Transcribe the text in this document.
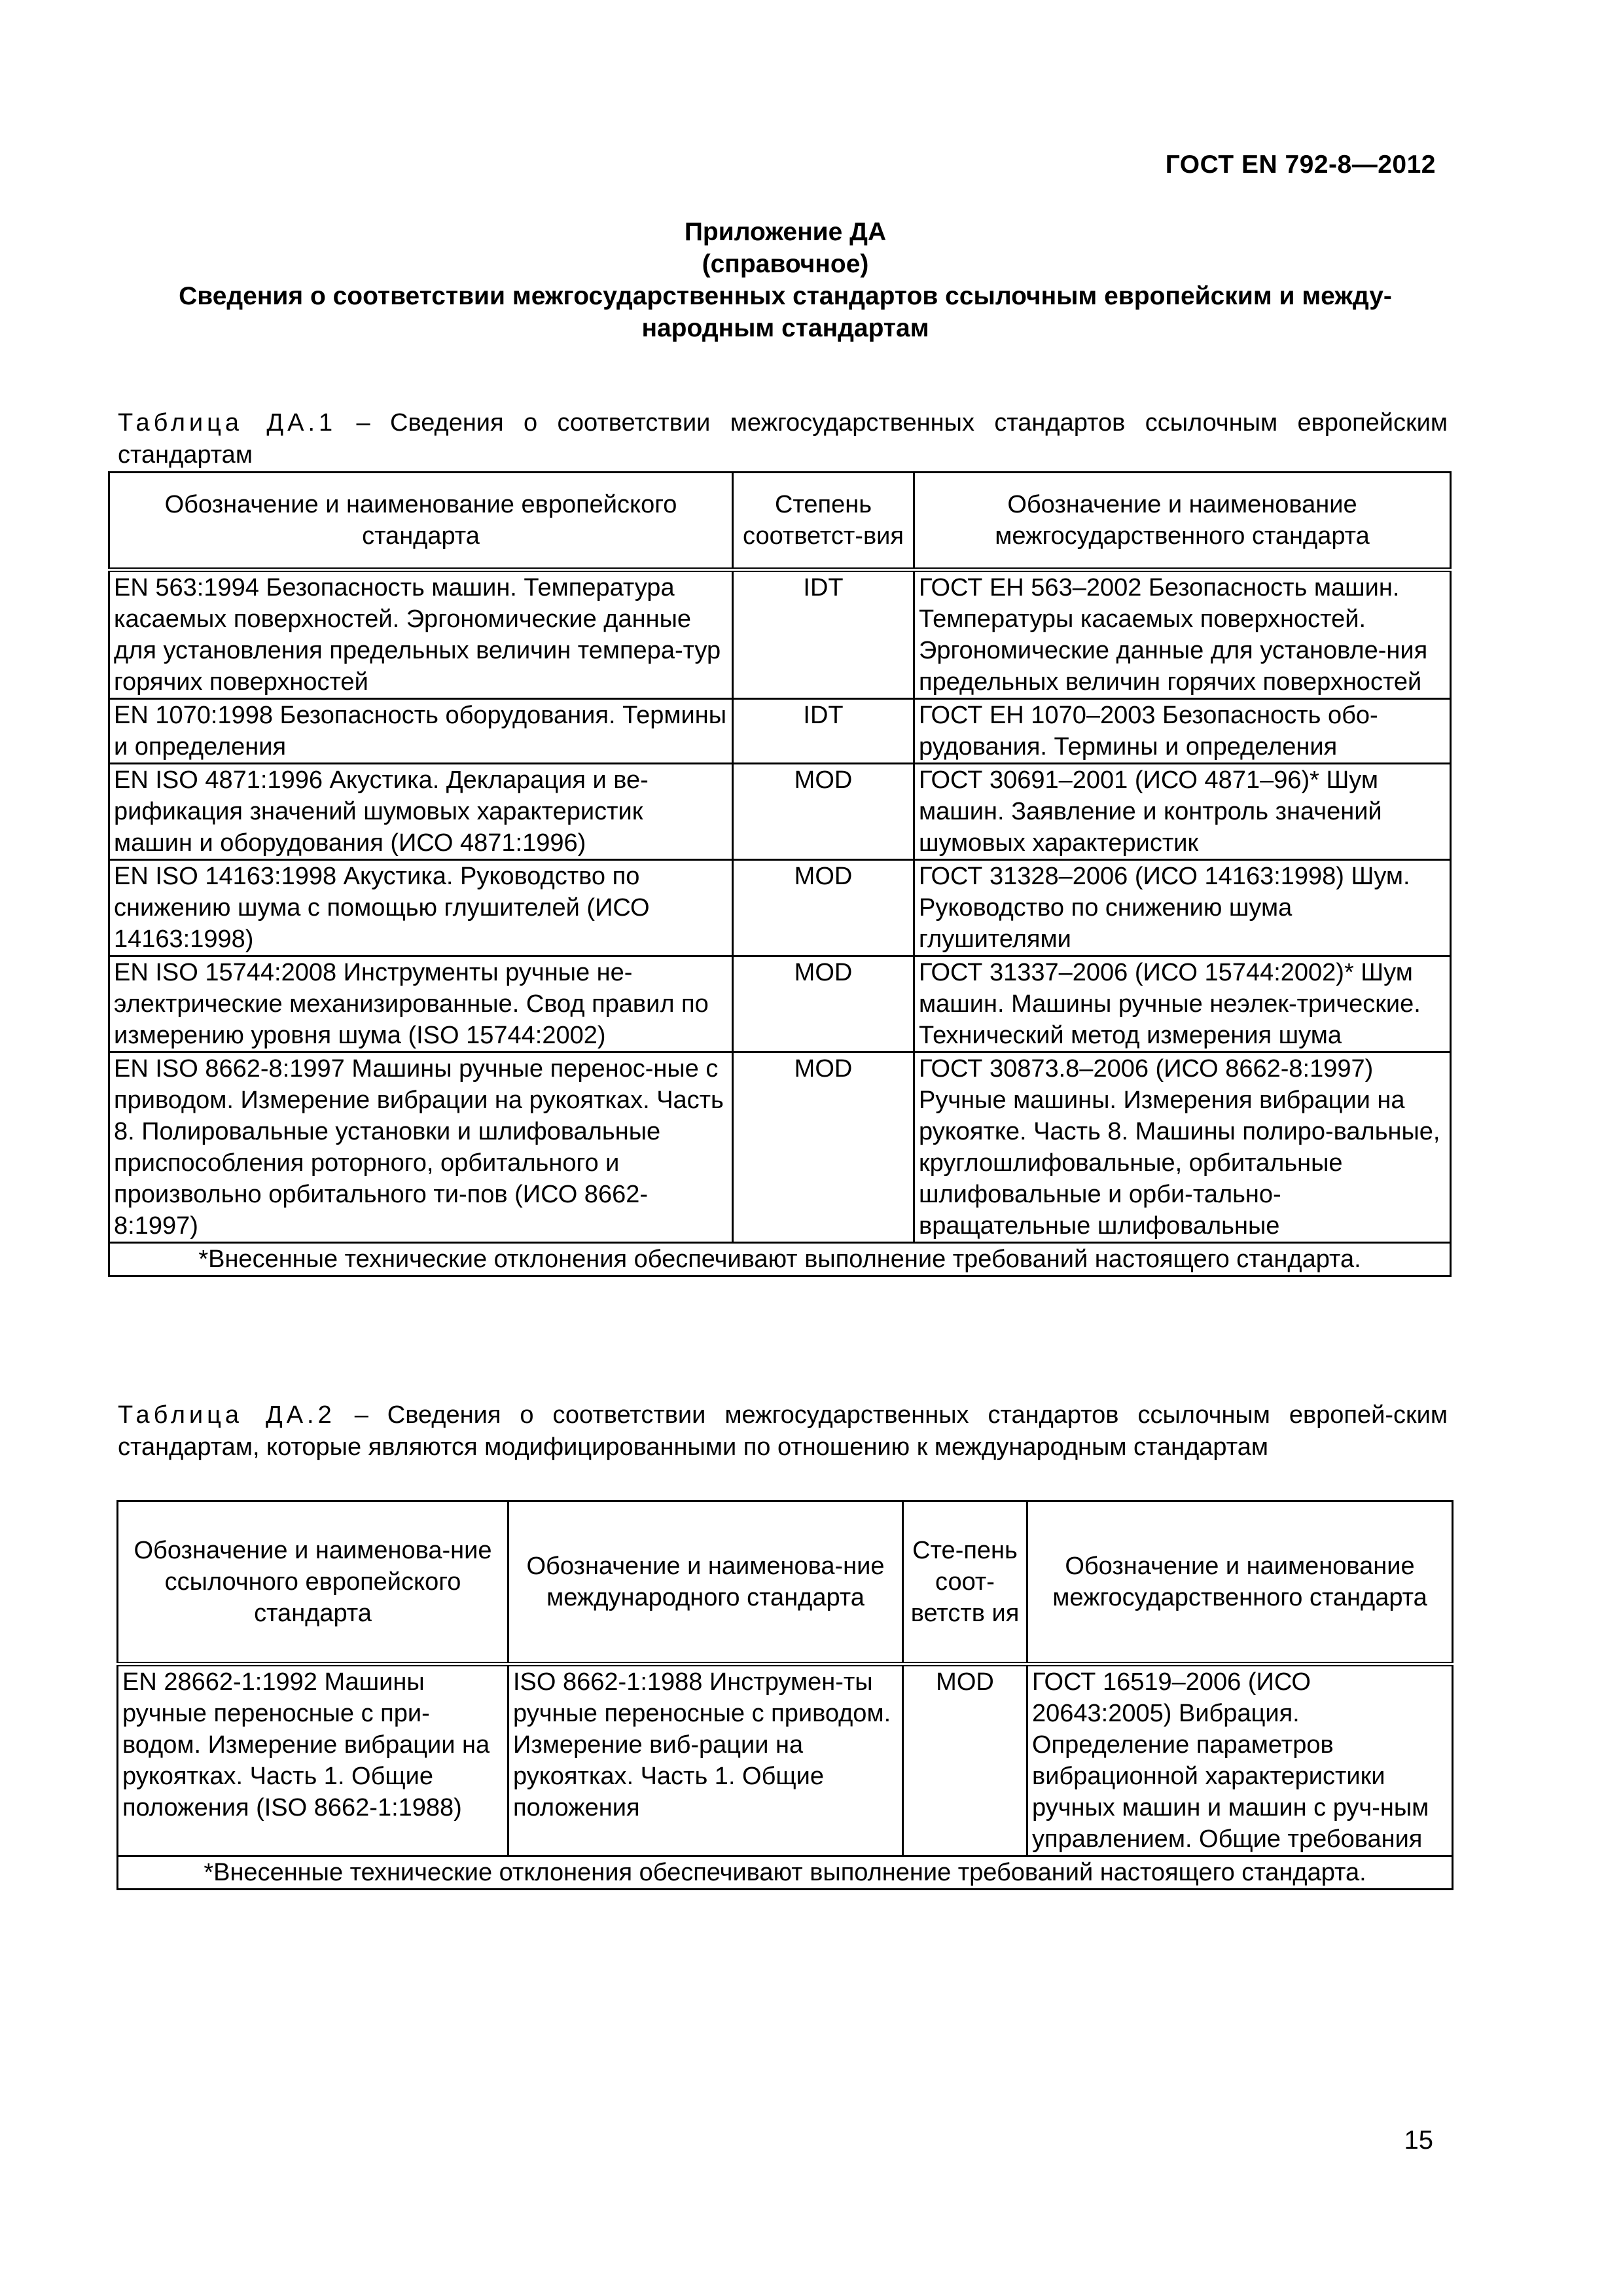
ГОСТ EN 792-8—2012
Приложение ДА
(справочное)
Сведения о соответствии межгосударственных стандартов ссылочным европейским и между-народным стандартам
Таблица ДА.1 – Сведения о соответствии межгосударственных стандартов ссылочным европейским стандартам
Обозначение и наименование европейского стандарта	Степень соответст-вия	Обозначение и наименование межгосударственного стандарта
EN 563:1994 Безопасность машин. Температура касаемых поверхностей. Эргономические данные для установления предельных величин темпера-тур горячих поверхностей	IDT	ГОСТ ЕН 563–2002 Безопасность машин. Температуры касаемых поверхностей. Эргономические данные для установле-ния предельных величин горячих поверхностей
EN 1070:1998 Безопасность оборудования. Термины и определения	IDT	ГОСТ ЕН 1070–2003 Безопасность обо-рудования. Термины и определения
EN ISO 4871:1996 Акустика. Декларация и ве-рификация значений шумовых характеристик машин и оборудования (ИСО 4871:1996)	MOD	ГОСТ 30691–2001 (ИСО 4871–96)* Шум машин. Заявление и контроль значений шумовых характеристик
EN ISO 14163:1998 Акустика. Руководство по снижению шума с помощью глушителей (ИСО 14163:1998)	MOD	ГОСТ 31328–2006 (ИСО 14163:1998) Шум. Руководство по снижению шума глушителями
EN ISO 15744:2008 Инструменты ручные не-электрические механизированные. Свод правил по измерению уровня шума (ISO 15744:2002)	MOD	ГОСТ 31337–2006 (ИСО 15744:2002)* Шум машин. Машины ручные неэлек-трические. Технический метод измерения шума
EN ISO 8662-8:1997 Машины ручные перенос-ные с приводом. Измерение вибрации на рукоятках. Часть 8. Полировальные установки и шлифовальные приспособления роторного, орбитального и произвольно орбитального ти-пов (ИСО 8662-8:1997)	MOD	ГОСТ 30873.8–2006 (ИСО 8662-8:1997) Ручные машины. Измерения вибрации на рукоятке. Часть 8. Машины полиро-вальные, круглошлифовальные, орбитальные шлифовальные и орби-тально-вращательные шлифовальные
*Внесенные технические отклонения обеспечивают выполнение требований настоящего стандарта.		
Таблица ДА.2 – Сведения о соответствии межгосударственных стандартов ссылочным европей-ским стандартам, которые являются модифицированными по отношению к международным стандартам
Обозначение и наименова-ние ссылочного европейского стандарта	Обозначение и наименова-ние международного стандарта	Сте-пень соот-ветств ия	Обозначение и наименование межгосударственного стандарта
EN 28662-1:1992 Машины ручные переносные с при-водом. Измерение вибрации на рукоятках. Часть 1. Общие положения (ISO 8662-1:1988)	ISO 8662-1:1988 Инструмен-ты ручные переносные с приводом. Измерение виб-рации на рукоятках. Часть 1. Общие положения	MOD	ГОСТ 16519–2006 (ИСО 20643:2005) Вибрация. Определение параметров вибрационной характеристики ручных машин и машин с руч-ным управлением. Общие требования
*Внесенные технические отклонения обеспечивают выполнение требований настоящего стандарта.			
15
